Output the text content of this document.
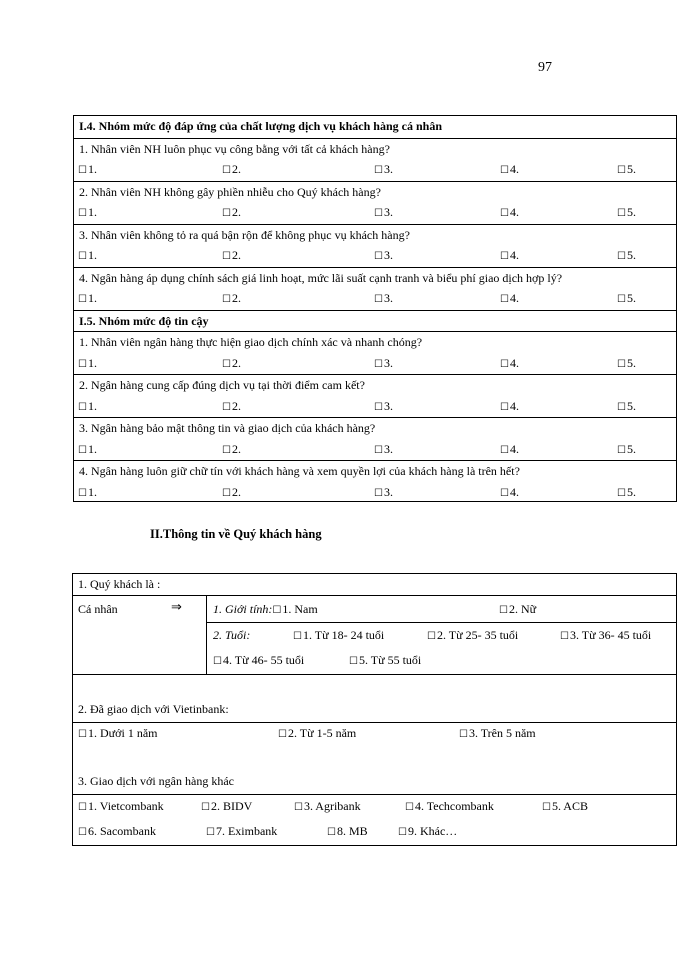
97
I.4. Nhóm mức độ đáp ứng của chất lượng dịch vụ khách hàng cá nhân
1. Nhân viên NH luôn phục vụ công bằng với tất cả khách hàng?
☐1.	☐2.	☐3.	☐4.	☐5.
2. Nhân viên NH không gây phiền nhiễu cho Quý khách hàng?
☐1.	☐2.	☐3.	☐4.	☐5.
3. Nhân viên không tỏ ra quá bận rộn để không phục vụ khách hàng?
☐1.	☐2.	☐3.	☐4.	☐5.
4. Ngân hàng áp dụng chính sách giá linh hoạt, mức lãi suất cạnh tranh và biểu phí giao dịch hợp lý?
☐1.	☐2.	☐3.	☐4.	☐5.
I.5. Nhóm mức độ tin cậy
1. Nhân viên ngân hàng thực hiện giao dịch chính xác và nhanh chóng?
☐1.	☐2.	☐3.	☐4.	☐5.
2. Ngân hàng cung cấp đúng dịch vụ tại thời điểm cam kết?
☐1.	☐2.	☐3.	☐4.	☐5.
3. Ngân hàng bảo mật thông tin và giao dịch của khách hàng?
☐1.	☐2.	☐3.	☐4.	☐5.
4. Ngân hàng luôn giữ chữ tín với khách hàng và xem quyền lợi của khách hàng là trên hết?
☐1.	☐2.	☐3.	☐4.	☐5.
II.Thông tin về Quý khách hàng
1. Quý khách là :
Cá nhân	⇒	1. Giới tính:☐1. Nam	☐2. Nữ
2. Tuổi:	☐1. Từ 18- 24 tuổi	☐2. Từ 25- 35 tuổi	☐3. Từ 36- 45 tuổi
☐4. Từ 46- 55 tuổi	☐5. Từ 55 tuổi
2. Đã giao dịch với Vietinbank:
☐1. Dưới 1 năm	☐2. Từ 1-5 năm	☐3. Trên 5 năm
3. Giao dịch với ngân hàng khác
☐1. Vietcombank	☐2. BIDV	☐3. Agribank	☐4. Techcombank	☐5. ACB
☐6. Sacombank	☐7. Eximbank	☐8. MB	☐9. Khác…
